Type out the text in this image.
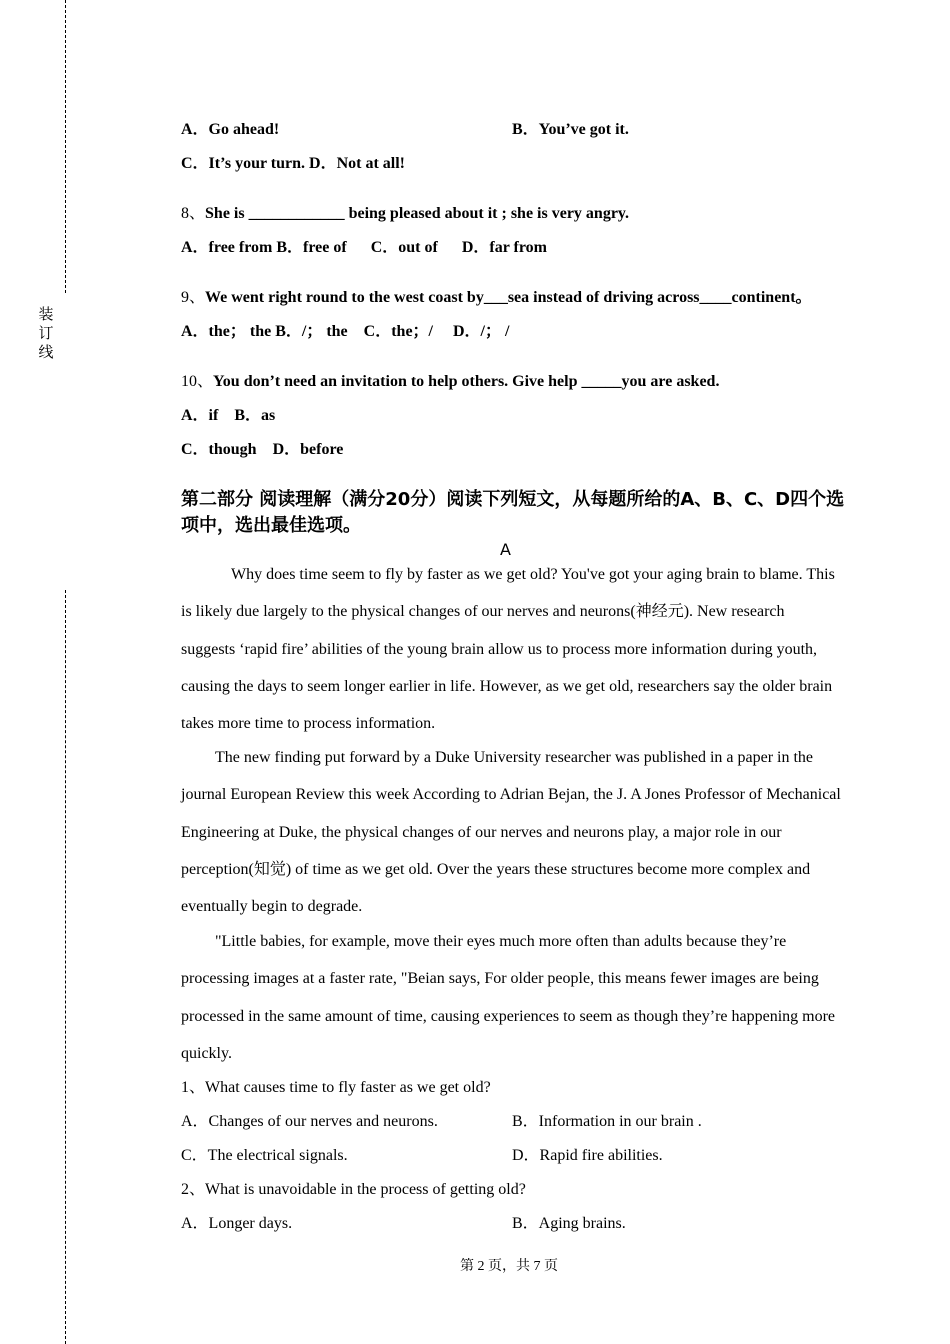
装
订
线
A．Go ahead!	B．You’ve got it.
C．It’s your turn. D．Not at all!
8、She is ____________ being pleased about it ; she is very angry.
A．free from B．free of　  C．out of　  D．far from
9、We went right round to the west coast by___sea instead of driving across____continent。
A．the； the B．/； the　C．the；/　 D．/； /
10、You don’t need an invitation to help others. Give help _____you are asked.
A．if　B．as
C．though　D．before
第二部分 阅读理解（满分20分）阅读下列短文，从每题所给的A、B、C、D四个选项中，选出最佳选项。
A

Why does time seem to fly by faster as we get old? You've got your aging brain to blame. This is likely due largely to the physical changes of our nerves and neurons(神经元). New research suggests ‘rapid fire’ abilities of the young brain allow us to process more information during youth, causing the days to seem longer earlier in life. However, as we get old, researchers say the older brain takes more time to process information.

The new finding put forward by a Duke University researcher was published in a paper in the journal European Review this week According to Adrian Bejan, the J. A Jones Professor of Mechanical Engineering at Duke, the physical changes of our nerves and neurons play, a major role in our perception(知觉) of time as we get old. Over the years these structures become more complex and eventually begin to degrade.

"Little babies, for example, move their eyes much more often than adults because they’re processing images at a faster rate, "Beian says, For older people, this means fewer images are being processed in the same amount of time, causing experiences to seem as though they’re happening more quickly.

1、What causes time to fly faster as we get old?
A．Changes of our nerves and neurons.	B．Information in our brain .
C．The electrical signals.	D．Rapid fire abilities.
2、What is unavoidable in the process of getting old?
A．Longer days.	B．Aging brains.
第 2 页，共 7 页
